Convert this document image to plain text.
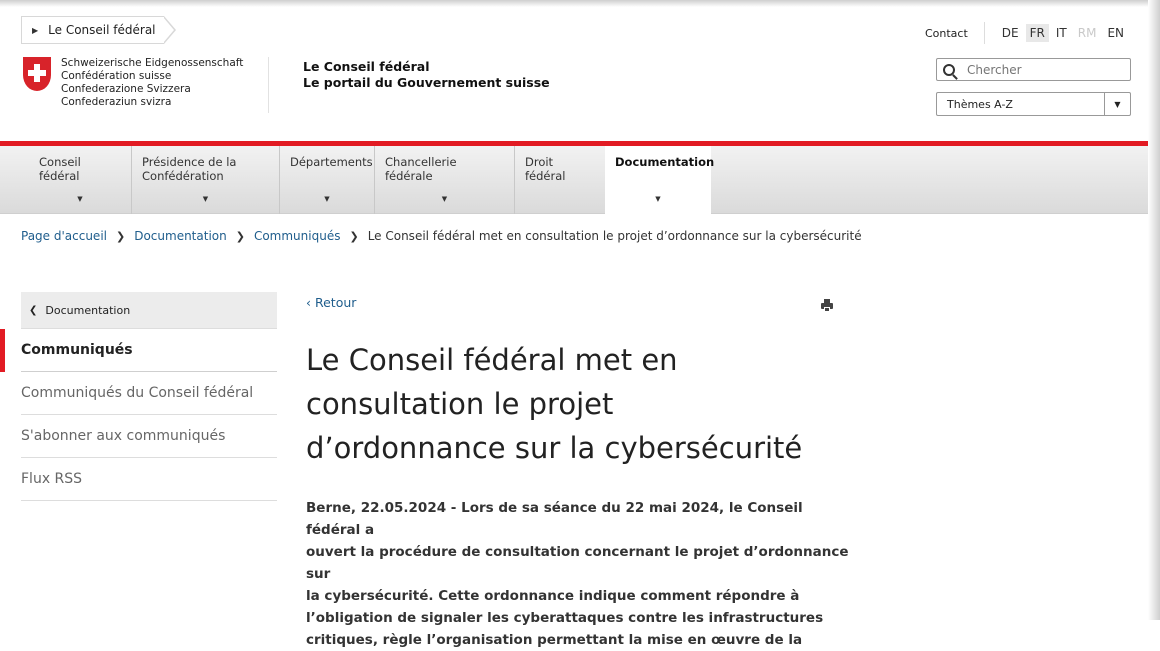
▶ Le Conseil fédéral
Schweizerische Eidgenossenschaft
Confédération suisse
Confederazione Svizzera
Confederaziun svizra
Le Conseil fédéral
Le portail du Gouvernement suisse
Contact	DE FR IT RM EN
Chercher
Thèmes A-Z	▼
Conseil fédéral
▼
Présidence de la Confédération
▼
Départements
▼
Chancellerie fédérale
▼
Droit fédéral
Documentation
▼
Page d'accueil ❯ Documentation ❯ Communiqués ❯ Le Conseil fédéral met en consultation le projet d’ordonnance sur la cybersécurité
❮ Documentation
Communiqués
Communiqués du Conseil fédéral
S'abonner aux communiqués
Flux RSS
‹ Retour
Le Conseil fédéral met en
consultation le projet
d’ordonnance sur la cybersécurité
Berne, 22.05.2024 - Lors de sa séance du 22 mai 2024, le Conseil fédéral a
ouvert la procédure de consultation concernant le projet d’ordonnance sur
la cybersécurité. Cette ordonnance indique comment répondre à
l’obligation de signaler les cyberattaques contre les infrastructures
critiques, règle l’organisation permettant la mise en œuvre de la
